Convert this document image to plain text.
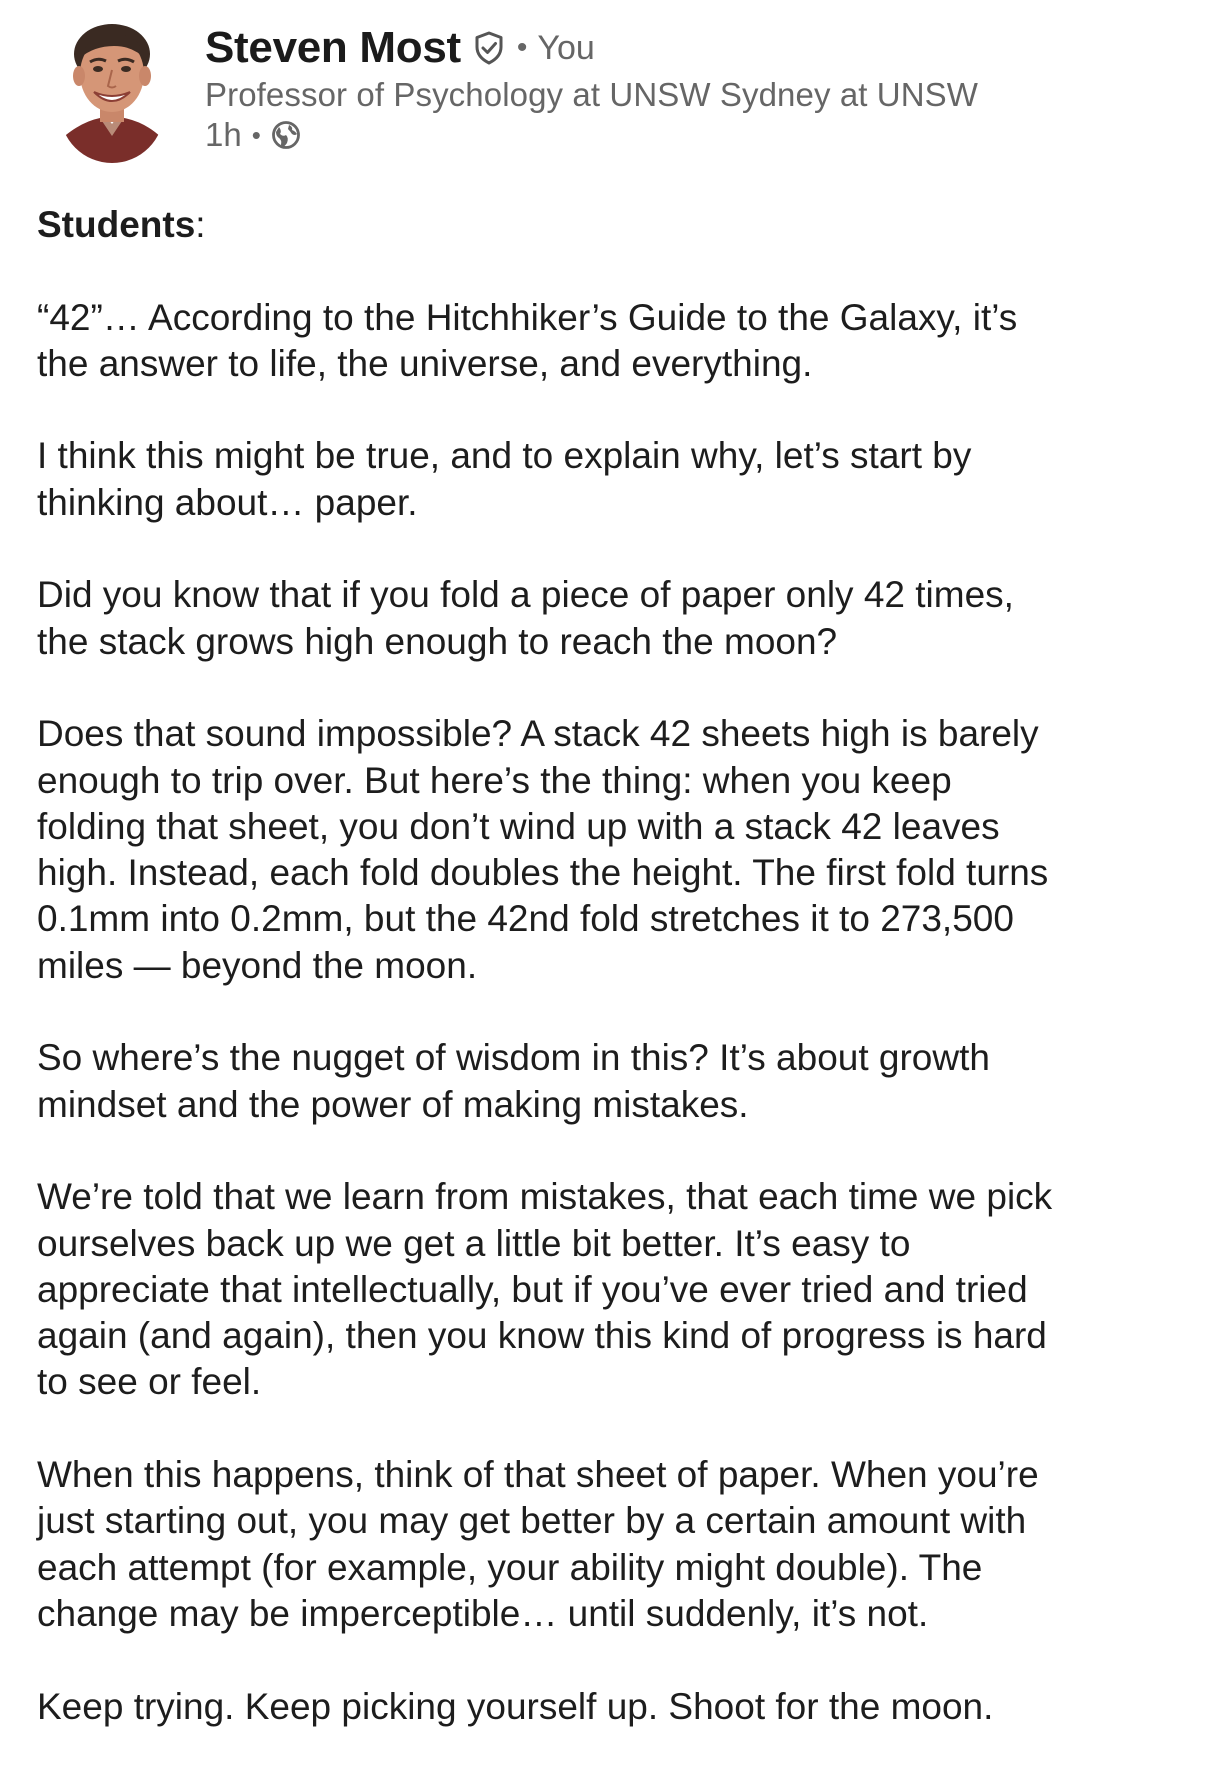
Steven Most • You
Professor of Psychology at UNSW Sydney at UNSW
1h •

Students:

“42”… According to the Hitchhiker’s Guide to the Galaxy, it’s
the answer to life, the universe, and everything.

I think this might be true, and to explain why, let’s start by
thinking about… paper.

Did you know that if you fold a piece of paper only 42 times,
the stack grows high enough to reach the moon?

Does that sound impossible? A stack 42 sheets high is barely
enough to trip over. But here’s the thing: when you keep
folding that sheet, you don’t wind up with a stack 42 leaves
high. Instead, each fold doubles the height. The first fold turns
0.1mm into 0.2mm, but the 42nd fold stretches it to 273,500
miles — beyond the moon.

So where’s the nugget of wisdom in this? It’s about growth
mindset and the power of making mistakes.

We’re told that we learn from mistakes, that each time we pick
ourselves back up we get a little bit better. It’s easy to
appreciate that intellectually, but if you’ve ever tried and tried
again (and again), then you know this kind of progress is hard
to see or feel.

When this happens, think of that sheet of paper. When you’re
just starting out, you may get better by a certain amount with
each attempt (for example, your ability might double). The
change may be imperceptible… until suddenly, it’s not.

Keep trying. Keep picking yourself up. Shoot for the moon.
